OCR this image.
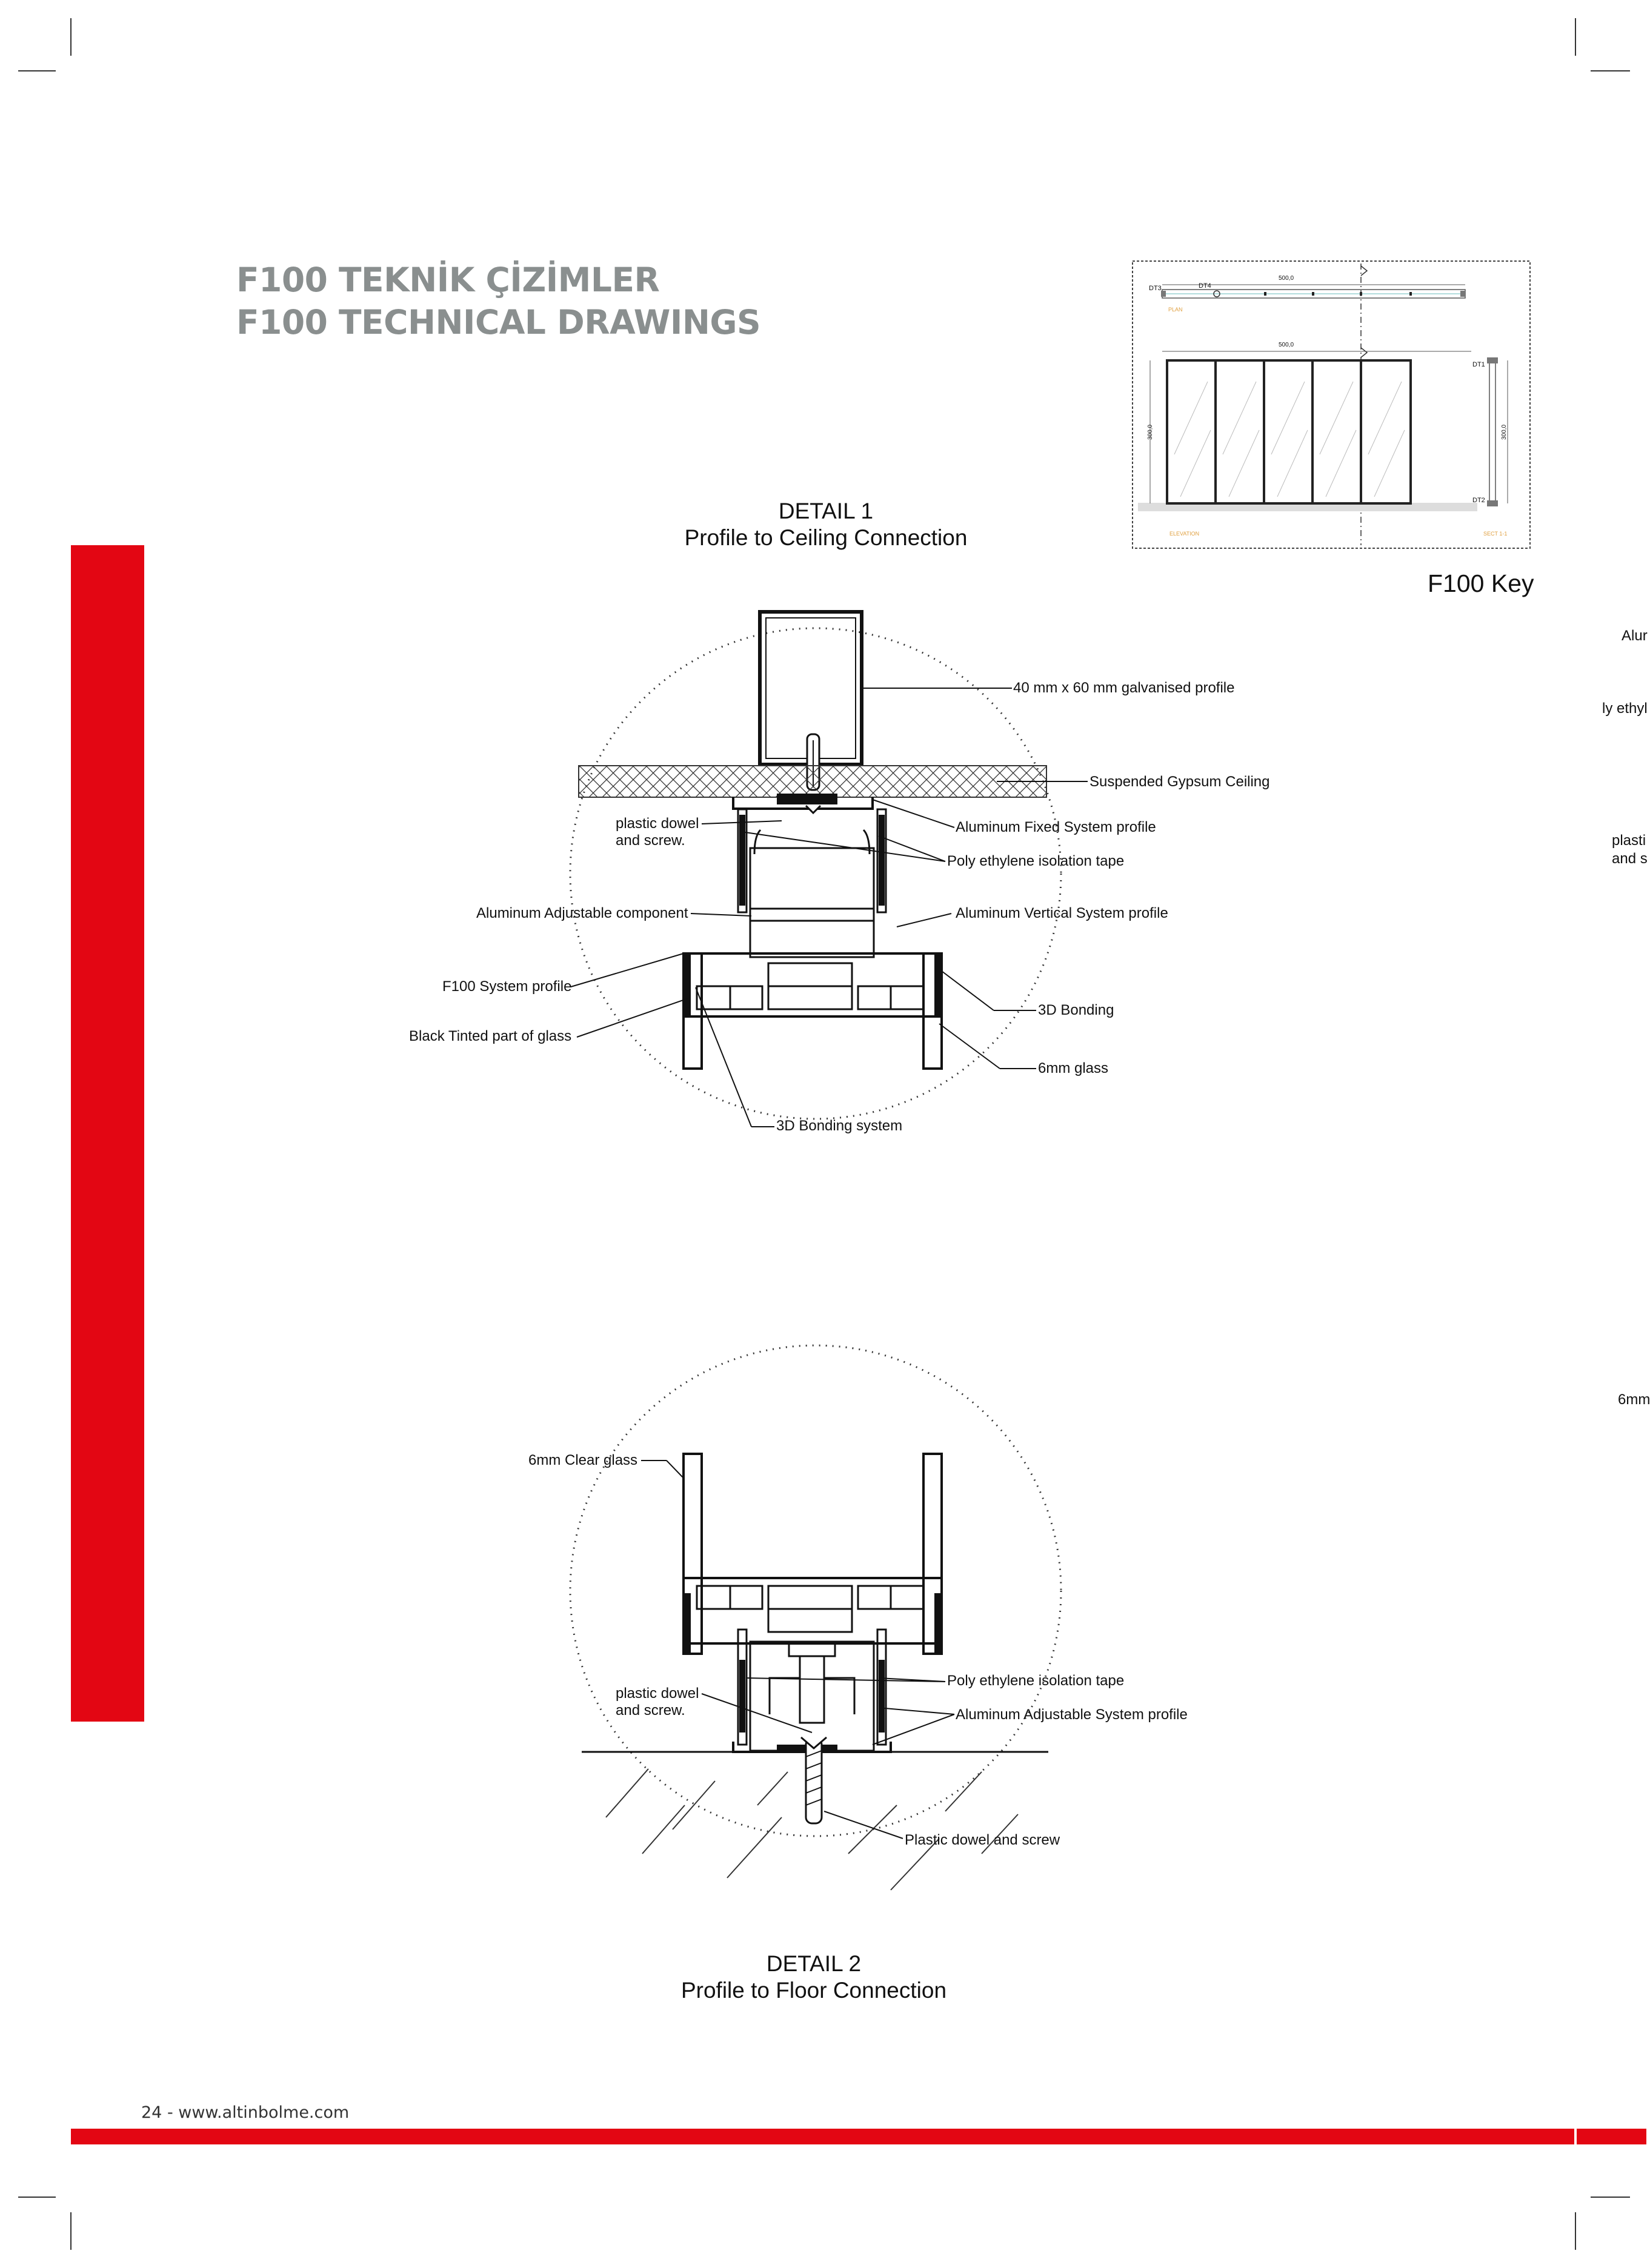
F100 TEKNİK ÇİZİMLER
F100 TECHNICAL DRAWINGS
DT3	DT4
PLAN
500,0
500,0
300,0	300,0
DT1
DT2
ELEVATION	SECT 1-1
F100 Key
DETAIL 1
Profile to Ceiling Connection
40 mm x 60 mm galvanised profile
Suspended Gypsum Ceiling
plastic dowel
and screw.
Aluminum Fixed System profile
Poly ethylene isolation tape
Aluminum Adjustable component	Aluminum Vertical System profile
F100 System profile
Black Tinted part of glass
3D Bonding
6mm glass
3D Bonding system
6mm Clear glass
plastic dowel
and screw.
Poly ethylene isolation tape
Aluminum Adjustable System profile
Plastic dowel and screw
DETAIL 2
Profile to Floor Connection
Alur
ly ethyl
plasti
and s
6mm
24 - www.altinbolme.com
